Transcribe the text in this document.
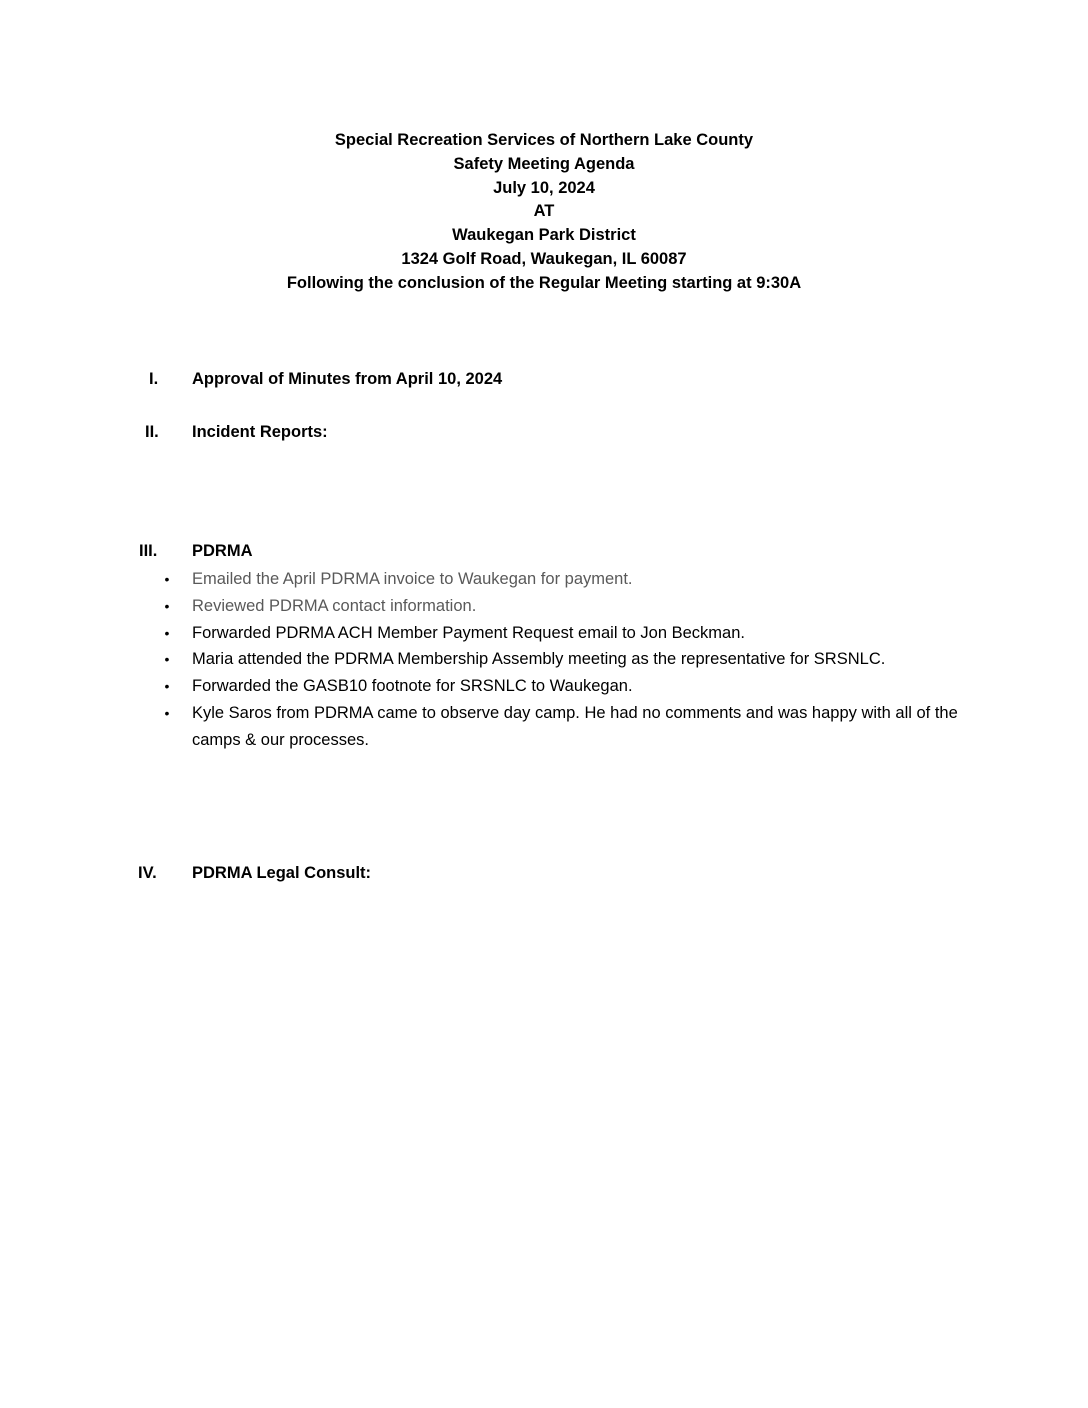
Special Recreation Services of Northern Lake County
Safety Meeting Agenda
July 10, 2024
AT
Waukegan Park District
1324 Golf Road, Waukegan, IL 60087
Following the conclusion of the Regular Meeting starting at 9:30A
I.	Approval of Minutes from April 10, 2024
II.	Incident Reports:
III.	PDRMA
• Emailed the April PDRMA invoice to Waukegan for payment.
• Reviewed PDRMA contact information.
• Forwarded PDRMA ACH Member Payment Request email to Jon Beckman.
• Maria attended the PDRMA Membership Assembly meeting as the representative for SRSNLC.
• Forwarded the GASB10 footnote for SRSNLC to Waukegan.
• Kyle Saros from PDRMA came to observe day camp. He had no comments and was happy with all of the camps & our processes.
IV.	PDRMA Legal Consult:
